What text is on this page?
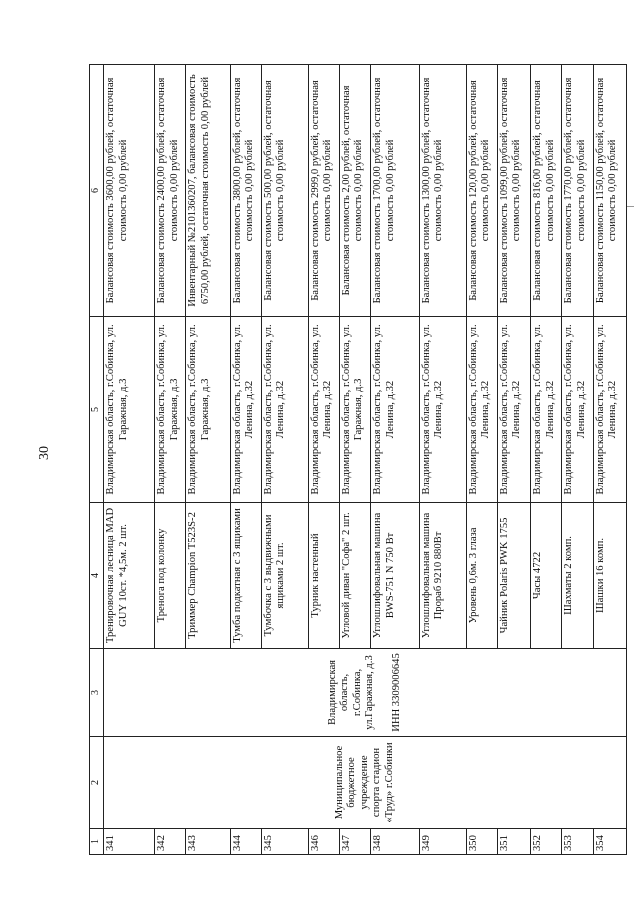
30
1	2	3	4	5	6
341	Муниципальное бюджетное учреждение спорта стадион «Труд» г.Собинки	Владимирская область, г.Собинка, ул.Гаражная, д.3 ИНН 3309006645	Тренировочная лесница MAD GUY 10ст. *4,5м. 2 шт.	Владимирская область, г.Собинка, ул. Гаражная, д.3	Балансовая стоимость 3600,00 рублей, остаточная стоимость 0,00 рублей
342			Треногa под колонку	Владимирская область, г.Собинка, ул. Гаражная, д.3	Балансовая стоимость 2400,00 рублей, остаточная стоимость 0,00 рублей
343			Триммер Champion T523S-2	Владимирская область, г.Собинка, ул. Гаражная, д.3	Инвентарный №2101360207, балансовая стоимость 6750,00 рублей, остаточная стоимость 0,00 рублей
344			Тумба подкатная с 3 ящиками	Владимирская область, г.Собинка, ул. Ленина, д.32	Балансовая стоимость 3800,00 рублей, остаточная стоимость 0,00 рублей
345			Тумбочка с 3 выдвижными ящиками 2 шт.	Владимирская область, г.Собинка, ул. Ленина, д.32	Балансовая стоимость 500,00 рублей, остаточная стоимость 0,00 рублей
346			Турник настенный	Владимирская область, г.Собинка, ул. Ленина, д.32	Балансовая стоимость 2999,0 рублей, остаточная стоимость 0,00 рублей
347			Угловой диван "Софа" 2 шт.	Владимирская область, г.Собинка, ул. Гаражная, д.3	Балансовая стоимость 2,00 рублей, остаточная стоимость 0,00 рублей
348			Углошлифовальная машина BWS-751 N 750 Вт	Владимирская область, г.Собинка, ул. Ленина, д.32	Балансовая стоимость 1700,00 рублей, остаточная стоимость 0,00 рублей
349			Углошлифовальная машина Прораб 9210 880Вт	Владимирская область, г.Собинка, ул. Ленина, д.32	Балансовая стоимость 1300,00 рублей, остаточная стоимость 0,00 рублей
350			Уровень 0,6м. 3 глаза	Владимирская область, г.Собинка, ул. Ленина, д.32	Балансовая стоимость 120,00 рублей, остаточная стоимость 0,00 рублей
351			Чайник Polaris PWK 1755	Владимирская область, г.Собинка, ул. Ленина, д.32	Балансовая стоимость 1099,00 рублей, остаточная стоимость 0,00 рублей
352			Часы 4722	Владимирская область, г.Собинка, ул. Ленина, д.32	Балансовая стоимость 816,00 рублей, остаточная стоимость 0,00 рублей
353			Шахматы 2 комп.	Владимирская область, г.Собинка, ул. Ленина, д.32	Балансовая стоимость 1770,00 рублей, остаточная стоимость 0,00 рублей
354			Шашки 16 комп.	Владимирская область, г.Собинка, ул. Ленина, д.32	Балансовая стоимость 1150,00 рублей, остаточная стоимость 0,00 рублей
